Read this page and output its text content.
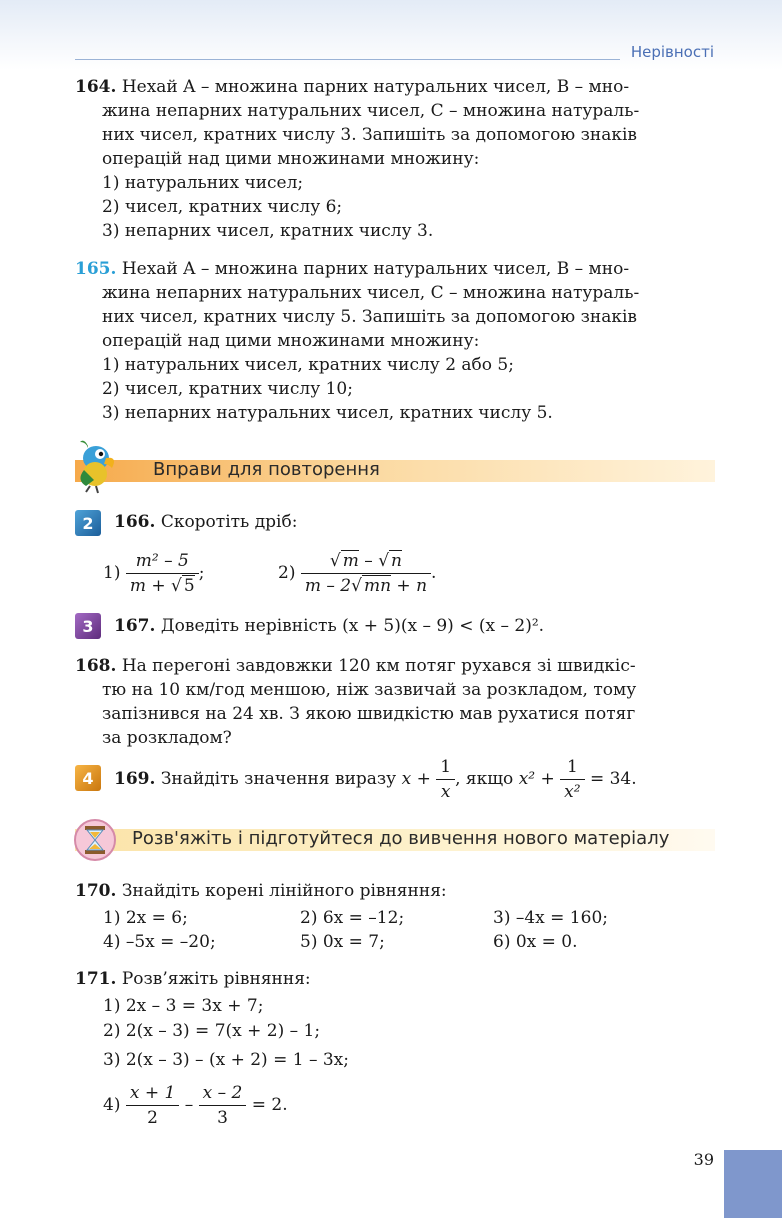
Нерівності

164. Нехай A – множина парних натуральних чисел, B – мно-

жина непарних натуральних чисел, C – множина натураль-

них чисел, кратних числу 3. Запишіть за допомогою знаків

операцій над цими множинами множину:

1) натуральних чисел;

2) чисел, кратних числу 6;

3) непарних чисел, кратних числу 3.

165. Нехай A – множина парних натуральних чисел, B – мно-

жина непарних натуральних чисел, C – множина натураль-

них чисел, кратних числу 5. Запишіть за допомогою знаків

операцій над цими множинами множину:

1) натуральних чисел, кратних числу 2 або 5;

2) чисел, кратних числу 10;

3) непарних натуральних чисел, кратних числу 5.

Вправи для повторення
2 166. Скоротіть дріб:
$1) \frac{\text{m² – 5}}{m + √ 5}$ ;	$2) \frac{√ m - √ n}{m - 2√ mn + n}$ .
3 167. Доведіть нерівність (x + 5)(x – 9) < (x – 2)².

168. На перегоні завдовжки 120 км потяг рухався зі швидкіс-

тю на 10 км/год меншою, ніж зазвичай за розкладом, тому

запізнився на 24 хв. З якою швидкістю мав рухатися потяг

за розкладом?

4 169. Знайдіть значення виразу $x + \frac{1}{x}$ , якщо $x^2 + \frac{1}{\text{x²}} = 34$.
Розв'яжіть і підготуйтеся до вивчення нового матеріалу
170. Знайдіть корені лінійного рівняння:
1) 2x = 6;	2) 6x = –12;	3) –4x = 160;
4) –5x = –20;	5) 0x = 7;	6) 0x = 0.
171. Розв’яжіть рівняння:
1) 2x – 3 = 3x + 7;
2) 2(x – 3) = 7(x + 2) – 1;
3) 2(x – 3) – (x + 2) = 1 – 3x;
$4) \frac{x + 1}{2} - \frac{x - 2}{3} = 2$.
39
